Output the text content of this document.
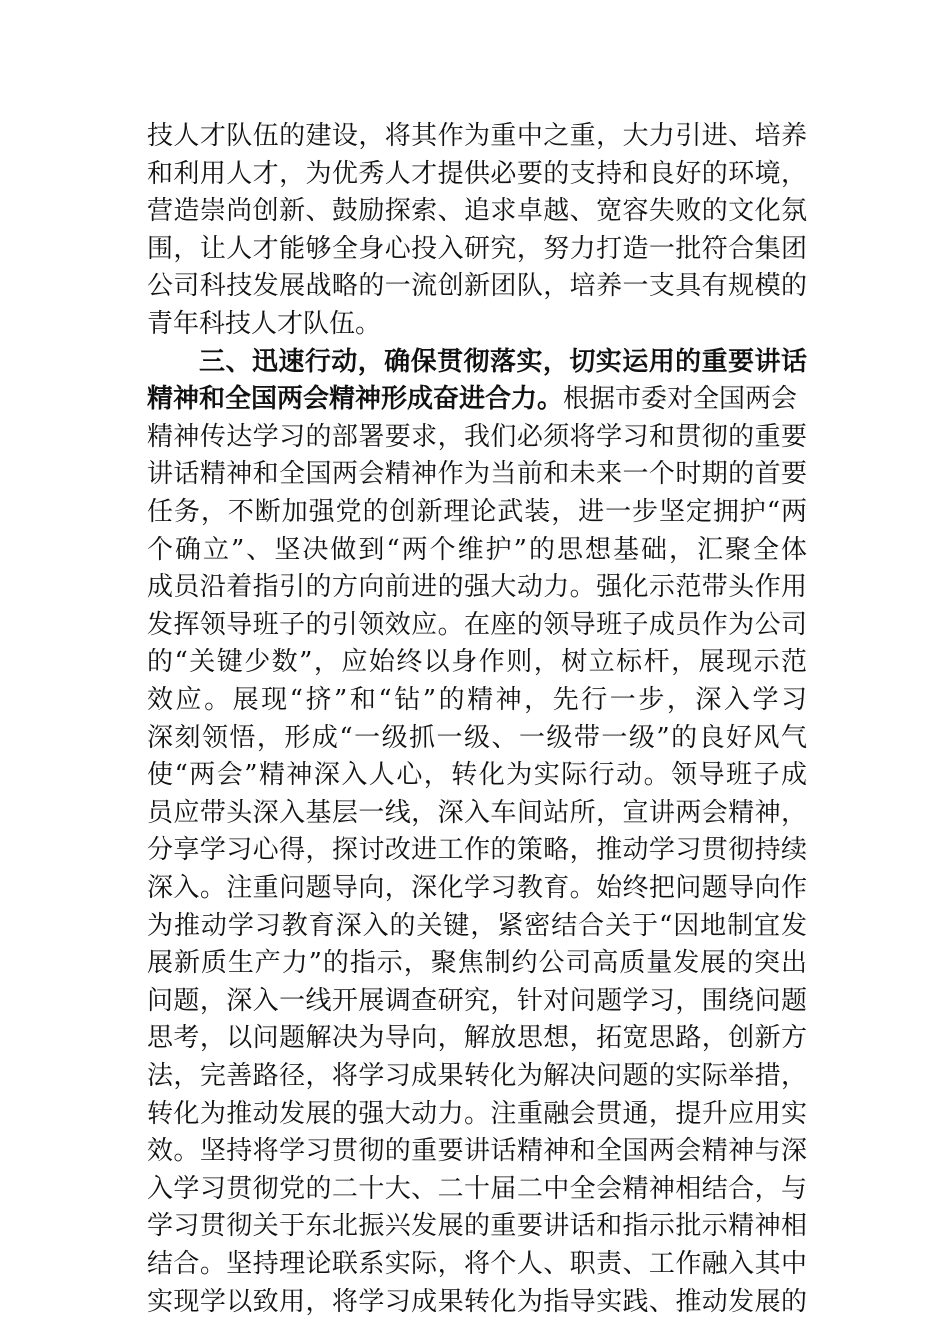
技人才队伍的建设，将其作为重中之重，大力引进、培养
和利用人才，为优秀人才提供必要的支持和良好的环境，
营造崇尚创新、鼓励探索、追求卓越、宽容失败的文化氛
围，让人才能够全身心投入研究，努力打造一批符合集团
公司科技发展战略的一流创新团队，培养一支具有规模的
青年科技人才队伍。
三、迅速行动，确保贯彻落实，切实运用的重要讲话
精神和全国两会精神形成奋进合力。根据市委对全国两会
精神传达学习的部署要求，我们必须将学习和贯彻的重要
讲话精神和全国两会精神作为当前和未来一个时期的首要
任务，不断加强党的创新理论武装，进一步坚定拥护“两
个确立”、坚决做到“两个维护”的思想基础，汇聚全体
成员沿着指引的方向前进的强大动力。强化示范带头作用
发挥领导班子的引领效应。在座的领导班子成员作为公司
的“关键少数”，应始终以身作则，树立标杆，展现示范
效应。展现“挤”和“钻”的精神，先行一步，深入学习
深刻领悟，形成“一级抓一级、一级带一级”的良好风气
使“两会”精神深入人心，转化为实际行动。领导班子成
员应带头深入基层一线，深入车间站所，宣讲两会精神，
分享学习心得，探讨改进工作的策略，推动学习贯彻持续
深入。注重问题导向，深化学习教育。始终把问题导向作
为推动学习教育深入的关键，紧密结合关于“因地制宜发
展新质生产力”的指示，聚焦制约公司高质量发展的突出
问题，深入一线开展调查研究，针对问题学习，围绕问题
思考，以问题解决为导向，解放思想，拓宽思路，创新方
法，完善路径，将学习成果转化为解决问题的实际举措，
转化为推动发展的强大动力。注重融会贯通，提升应用实
效。坚持将学习贯彻的重要讲话精神和全国两会精神与深
入学习贯彻党的二十大、二十届二中全会精神相结合，与
学习贯彻关于东北振兴发展的重要讲话和指示批示精神相
结合。坚持理论联系实际，将个人、职责、工作融入其中
实现学以致用，将学习成果转化为指导实践、推动发展的
